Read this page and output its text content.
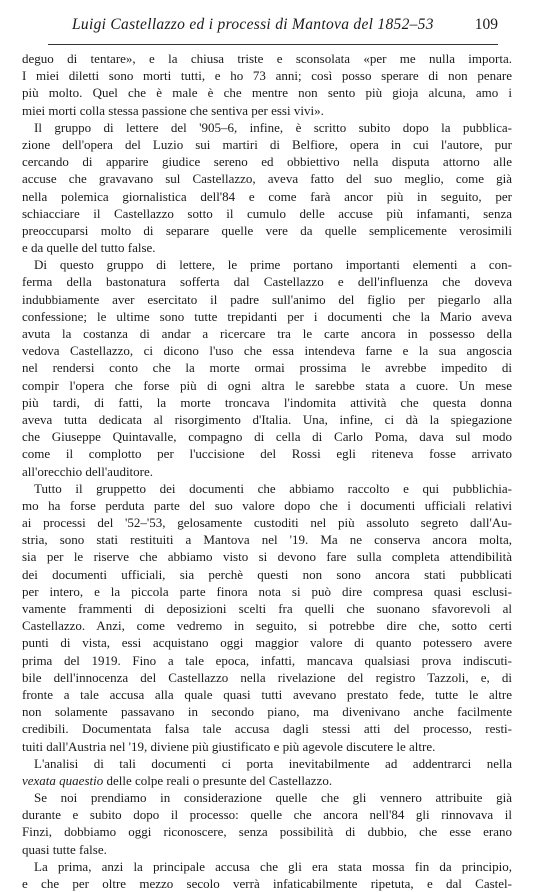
Luigi Castellazzo ed i processi di Mantova del 1852–53	109
deguo di tentare», e la chiusa triste e sconsolata «per me nulla importa.
I miei diletti sono morti tutti, e ho 73 anni; così posso sperare di non penare
più molto. Quel che è male è che mentre non sento più gioja alcuna, amo i
miei morti colla stessa passione che sentiva per essi vivi».
Il gruppo di lettere del '905–6, infine, è scritto subito dopo la pubblica-
zione dell'opera del Luzio sui martiri di Belfiore, opera in cui l'autore, pur
cercando di apparire giudice sereno ed obbiettivo nella disputa attorno alle
accuse che gravavano sul Castellazzo, aveva fatto del suo meglio, come già
nella polemica giornalistica dell'84 e come farà ancor più in seguito, per
schiacciare il Castellazzo sotto il cumulo delle accuse più infamanti, senza
preoccuparsi molto di separare quelle vere da quelle semplicemente verosimili
e da quelle del tutto false.
Di questo gruppo di lettere, le prime portano importanti elementi a con-
ferma della bastonatura sofferta dal Castellazzo e dell'influenza che doveva
indubbiamente aver esercitato il padre sull'animo del figlio per piegarlo alla
confessione; le ultime sono tutte trepidanti per i documenti che la Mario aveva
avuta la costanza di andar a ricercare tra le carte ancora in possesso della
vedova Castellazzo, ci dicono l'uso che essa intendeva farne e la sua angoscia
nel rendersi conto che la morte ormai prossima le avrebbe impedito di
compir l'opera che forse più di ogni altra le sarebbe stata a cuore. Un mese
più tardi, di fatti, la morte troncava l'indomita attività che questa donna
aveva tutta dedicata al risorgimento d'Italia. Una, infine, ci dà la spiegazione
che Giuseppe Quintavalle, compagno di cella di Carlo Poma, dava sul modo
come il complotto per l'uccisione del Rossi egli riteneva fosse arrivato
all'orecchio dell'auditore.
Tutto il gruppetto dei documenti che abbiamo raccolto e qui pubblichia-
mo ha forse perduta parte del suo valore dopo che i documenti ufficiali relativi
ai processi del '52–'53, gelosamente custoditi nel più assoluto segreto dall'Au-
stria, sono stati restituiti a Mantova nel '19. Ma ne conserva ancora molta,
sia per le riserve che abbiamo visto si devono fare sulla completa attendibilità
dei documenti ufficiali, sia perchè questi non sono ancora stati pubblicati
per intero, e la piccola parte finora nota si può dire compresa quasi esclusi-
vamente frammenti di deposizioni scelti fra quelli che suonano sfavorevoli al
Castellazzo. Anzi, come vedremo in seguito, si potrebbe dire che, sotto certi
punti di vista, essi acquistano oggi maggior valore di quanto potessero avere
prima del 1919. Fino a tale epoca, infatti, mancava qualsiasi prova indiscuti-
bile dell'innocenza del Castellazzo nella rivelazione del registro Tazzoli, e, di
fronte a tale accusa alla quale quasi tutti avevano prestato fede, tutte le altre
non solamente passavano in secondo piano, ma divenivano anche facilmente
credibili. Documentata falsa tale accusa dagli stessi atti del processo, resti-
tuiti dall'Austria nel '19, diviene più giustificato e più agevole discutere le altre.
L'analisi di tali documenti ci porta inevitabilmente ad addentrarci nella
vexata quaestio delle colpe reali o presunte del Castellazzo.
Se noi prendiamo in considerazione quelle che gli vennero attribuite già
durante e subito dopo il processo: quelle che ancora nell'84 gli rinnovava il
Finzi, dobbiamo oggi riconoscere, senza possibilità di dubbio, che esse erano
quasi tutte false.
La prima, anzi la principale accusa che gli era stata mossa fin da principio,
e che per oltre mezzo secolo verrà infaticabilmente ripetuta, e dal Castel-
